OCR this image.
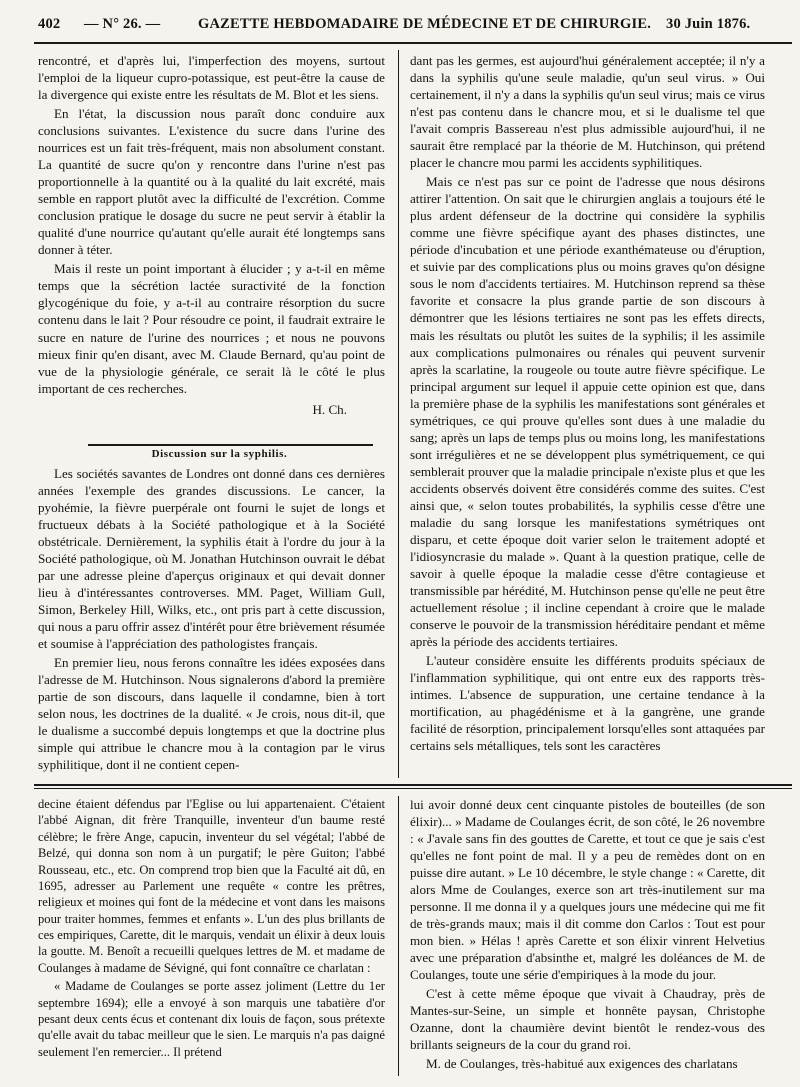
402 — N° 26. —	GAZETTE HEBDOMADAIRE DE MÉDECINE ET DE CHIRURGIE. 30 Juin 1876.

rencontré, et d'après lui, l'imperfection des moyens, surtout l'emploi de la liqueur cupro-potassique, est peut-être la cause de la divergence qui existe entre les résultats de M. Blot et les siens.

En l'état, la discussion nous paraît donc conduire aux conclusions suivantes. L'existence du sucre dans l'urine des nourrices est un fait très-fréquent, mais non absolument constant. La quantité de sucre qu'on y rencontre dans l'urine n'est pas proportionnelle à la quantité ou à la qualité du lait excrété, mais semble en rapport plutôt avec la difficulté de l'excrétion. Comme conclusion pratique le dosage du sucre ne peut servir à établir la qualité d'une nourrice qu'autant qu'elle aurait été longtemps sans donner à téter.

Mais il reste un point important à élucider ; y a-t-il en même temps que la sécrétion lactée suractivité de la fonction glycogénique du foie, y a-t-il au contraire résorption du sucre contenu dans le lait ? Pour résoudre ce point, il faudrait extraire le sucre en nature de l'urine des nourrices ; et nous ne pouvons mieux finir qu'en disant, avec M. Claude Bernard, qu'au point de vue de la physiologie générale, ce serait là le côté le plus important de ces recherches.

H. Ch.

Discussion sur la syphilis.

Les sociétés savantes de Londres ont donné dans ces dernières années l'exemple des grandes discussions. Le cancer, la pyohémie, la fièvre puerpérale ont fourni le sujet de longs et fructueux débats à la Société pathologique et à la Société obstétricale. Dernièrement, la syphilis était à l'ordre du jour à la Société pathologique, où M. Jonathan Hutchinson ouvrait le débat par une adresse pleine d'aperçus originaux et qui devait donner lieu à d'intéressantes controverses. MM. Paget, William Gull, Simon, Berkeley Hill, Wilks, etc., ont pris part à cette discussion, qui nous a paru offrir assez d'intérêt pour être brièvement résumée et soumise à l'appréciation des pathologistes français.

En premier lieu, nous ferons connaître les idées exposées dans l'adresse de M. Hutchinson. Nous signalerons d'abord la première partie de son discours, dans laquelle il condamne, bien à tort selon nous, les doctrines de la dualité. « Je crois, nous dit-il, que le dualisme a succombé depuis longtemps et que la doctrine plus simple qui attribue le chancre mou à la contagion par le virus syphilitique, dont il ne contient cepen-

dant pas les germes, est aujourd'hui généralement acceptée; il n'y a dans la syphilis qu'une seule maladie, qu'un seul virus. » Oui certainement, il n'y a dans la syphilis qu'un seul virus; mais ce virus n'est pas contenu dans le chancre mou, et si le dualisme tel que l'avait compris Bassereau n'est plus admissible aujourd'hui, il ne saurait être remplacé par la théorie de M. Hutchinson, qui prétend placer le chancre mou parmi les accidents syphilitiques.

Mais ce n'est pas sur ce point de l'adresse que nous désirons attirer l'attention. On sait que le chirurgien anglais a toujours été le plus ardent défenseur de la doctrine qui considère la syphilis comme une fièvre spécifique ayant des phases distinctes, une période d'incubation et une période exanthémateuse ou d'éruption, et suivie par des complications plus ou moins graves qu'on désigne sous le nom d'accidents tertiaires. M. Hutchinson reprend sa thèse favorite et consacre la plus grande partie de son discours à démontrer que les lésions tertiaires ne sont pas les effets directs, mais les résultats ou plutôt les suites de la syphilis; il les assimile aux complications pulmonaires ou rénales qui peuvent survenir après la scarlatine, la rougeole ou toute autre fièvre spécifique. Le principal argument sur lequel il appuie cette opinion est que, dans la première phase de la syphilis les manifestations sont générales et symétriques, ce qui prouve qu'elles sont dues à une maladie du sang; après un laps de temps plus ou moins long, les manifestations sont irrégulières et ne se développent plus symétriquement, ce qui semblerait prouver que la maladie principale n'existe plus et que les accidents observés doivent être considérés comme des suites. C'est ainsi que, « selon toutes probabilités, la syphilis cesse d'être une maladie du sang lorsque les manifestations symétriques ont disparu, et cette époque doit varier selon le traitement adopté et l'idiosyncrasie du malade ». Quant à la question pratique, celle de savoir à quelle époque la maladie cesse d'être contagieuse et transmissible par hérédité, M. Hutchinson pense qu'elle ne peut être actuellement résolue ; il incline cependant à croire que le malade conserve le pouvoir de la transmission héréditaire pendant et même après la période des accidents tertiaires.

L'auteur considère ensuite les différents produits spéciaux de l'inflammation syphilitique, qui ont entre eux des rapports très-intimes. L'absence de suppuration, une certaine tendance à la mortification, au phagédénisme et à la gangrène, une grande facilité de résorption, principalement lorsqu'elles sont attaquées par certains sels métalliques, tels sont les caractères

decine étaient défendus par l'Eglise ou lui appartenaient. C'étaient l'abbé Aignan, dit frère Tranquille, inventeur d'un baume resté célèbre; le frère Ange, capucin, inventeur du sel végétal; l'abbé de Belzé, qui donna son nom à un purgatif; le père Guiton; l'abbé Rousseau, etc., etc. On comprend trop bien que la Faculté ait dû, en 1695, adresser au Parlement une requête « contre les prêtres, religieux et moines qui font de la médecine et vont dans les maisons pour traiter hommes, femmes et enfants ». L'un des plus brillants de ces empiriques, Carette, dit le marquis, vendait un élixir à deux louis la goutte. M. Benoît a recueilli quelques lettres de M. et madame de Coulanges à madame de Sévigné, qui font connaître ce charlatan :

« Madame de Coulanges se porte assez joliment (Lettre du 1er septembre 1694); elle a envoyé à son marquis une tabatière d'or pesant deux cents écus et contenant dix louis de façon, sous prétexte qu'elle avait du tabac meilleur que le sien. Le marquis n'a pas daigné seulement l'en remercier... Il prétend

lui avoir donné deux cent cinquante pistoles de bouteilles (de son élixir)... » Madame de Coulanges écrit, de son côté, le 26 novembre : « J'avale sans fin des gouttes de Carette, et tout ce que je sais c'est qu'elles ne font point de mal. Il y a peu de remèdes dont on en puisse dire autant. » Le 10 décembre, le style change : « Carette, dit alors Mme de Coulanges, exerce son art très-inutilement sur ma personne. Il me donna il y a quelques jours une médecine qui me fit de très-grands maux; mais il dit comme don Carlos : Tout est pour mon bien. » Hélas ! après Carette et son élixir vinrent Helvetius avec une préparation d'absinthe et, malgré les doléances de M. de Coulanges, toute une série d'empiriques à la mode du jour.

C'est à cette même époque que vivait à Chaudray, près de Mantes-sur-Seine, un simple et honnête paysan, Christophe Ozanne, dont la chaumière devint bientôt le rendez-vous des brillants seigneurs de la cour du grand roi.

M. de Coulanges, très-habitué aux exigences des charlatans
